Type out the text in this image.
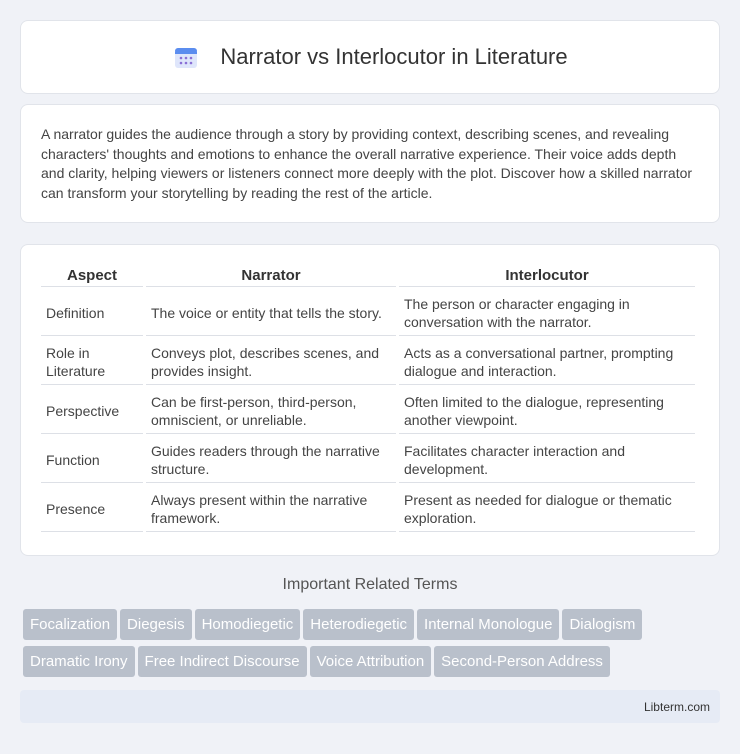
Narrator vs Interlocutor in Literature

A narrator guides the audience through a story by providing context, describing scenes, and revealing characters' thoughts and emotions to enhance the overall narrative experience. Their voice adds depth and clarity, helping viewers or listeners connect more deeply with the plot. Discover how a skilled narrator can transform your storytelling by reading the rest of the article.

Aspect	Narrator	Interlocutor
Definition	The voice or entity that tells the story.	The person or character engaging in conversation with the narrator.
Role in Literature	Conveys plot, describes scenes, and provides insight.	Acts as a conversational partner, prompting dialogue and interaction.
Perspective	Can be first-person, third-person, omniscient, or unreliable.	Often limited to the dialogue, representing another viewpoint.
Function	Guides readers through the narrative structure.	Facilitates character interaction and development.
Presence	Always present within the narrative framework.	Present as needed for dialogue or thematic exploration.
Important Related Terms
Focalization Diegesis Homodiegetic Heterodiegetic Internal Monologue Dialogism
Dramatic Irony Free Indirect Discourse Voice Attribution Second-Person Address
Libterm.com
